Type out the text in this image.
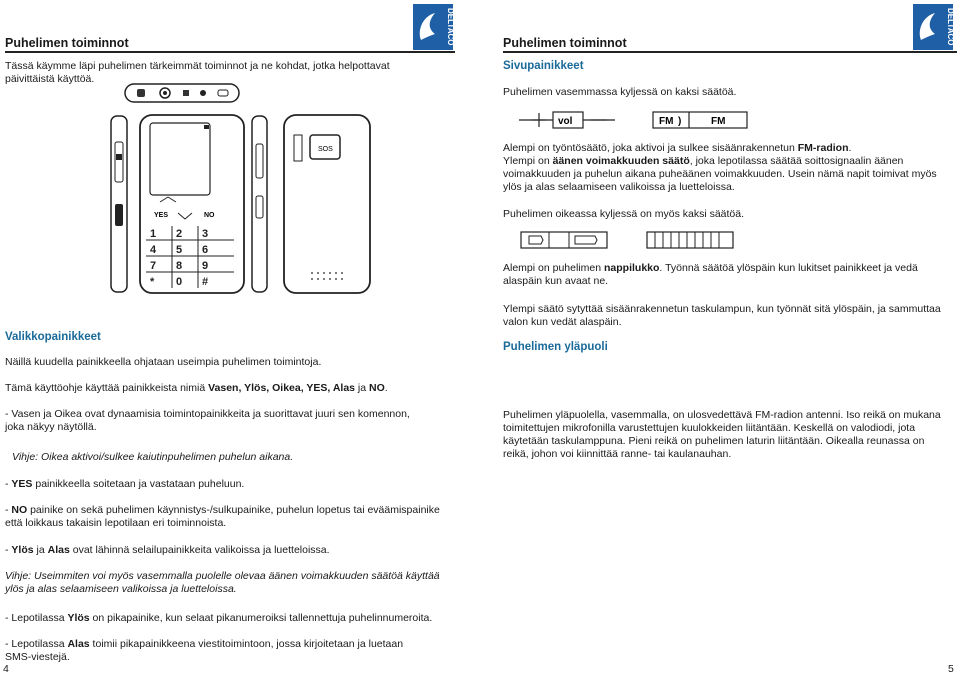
Puhelimen toiminnot	DELTACO
Tässä käymme läpi puhelimen tärkeimmät toiminnot ja ne kohdat, jotka helpottavat päivittäistä käyttöä.
YES	NO
1 2 3
4 5 6
7 8 9
* 0 #
SOS
Valikkopainikkeet
Näillä kuudella painikkeella ohjataan useimpia puhelimen toimintoja.
Tämä käyttöohje käyttää painikkeista nimiä Vasen, Ylös, Oikea, YES, Alas ja NO.
- Vasen ja Oikea ovat dynaamisia toimintopainikkeita ja suorittavat juuri sen komennon, joka näkyy näytöllä.
Vihje: Oikea aktivoi/sulkee kaiutinpuhelimen puhelun aikana.
- YES painikkeella soitetaan ja vastataan puheluun.
- NO painike on sekä puhelimen käynnistys-/sulkupainike, puhelun lopetus tai eväämispainike että loikkaus takaisin lepotilaan eri toiminnoista.
- Ylös ja Alas ovat lähinnä selailupainikkeita valikoissa ja luetteloissa.
Vihje: Useimmiten voi myös vasemmalla puolelle olevaa äänen voimakkuuden säätöä käyttää ylös ja alas selaamiseen valikoissa ja luetteloissa.
- Lepotilassa Ylös on pikapainike, kun selaat pikanumeroiksi tallennettuja puhelinnumeroita.
- Lepotilassa Alas toimii pikapainikkeena viestitoimintoon, jossa kirjoitetaan ja luetaan SMS-viestejä.
4
Puhelimen toiminnot	DELTACO
Sivupainikkeet
Puhelimen vasemmassa kyljessä on kaksi säätöä.
vol	FM )	FM
Alempi on työntösäätö, joka aktivoi ja sulkee sisäänrakennetun FM-radion.
Ylempi on äänen voimakkuuden säätö, joka lepotilassa säätää soittosignaalin äänen voimakkuuden ja puhelun aikana puheäänen voimakkuuden. Usein nämä napit toimivat myös ylös ja alas selaamiseen valikoissa ja luetteloissa.
Puhelimen oikeassa kyljessä on myös kaksi säätöä.
Alempi on puhelimen nappilukko. Työnnä säätöä ylöspäin kun lukitset painikkeet ja vedä alaspäin kun avaat ne.
Ylempi säätö sytyttää sisäänrakennetun taskulampun, kun työnnät sitä ylöspäin, ja sammuttaa valon kun vedät alaspäin.
Puhelimen yläpuoli
Puhelimen yläpuolella, vasemmalla, on ulosvedettävä FM-radion antenni. Iso reikä on mukana toimitettujen mikrofonilla varustettujen kuulokkeiden liitäntään. Keskellä on valodiodi, jota käytetään taskulamppuna. Pieni reikä on puhelimen laturin liitäntään. Oikealla reunassa on reikä, johon voi kiinnittää ranne- tai kaulanauhan.
5
